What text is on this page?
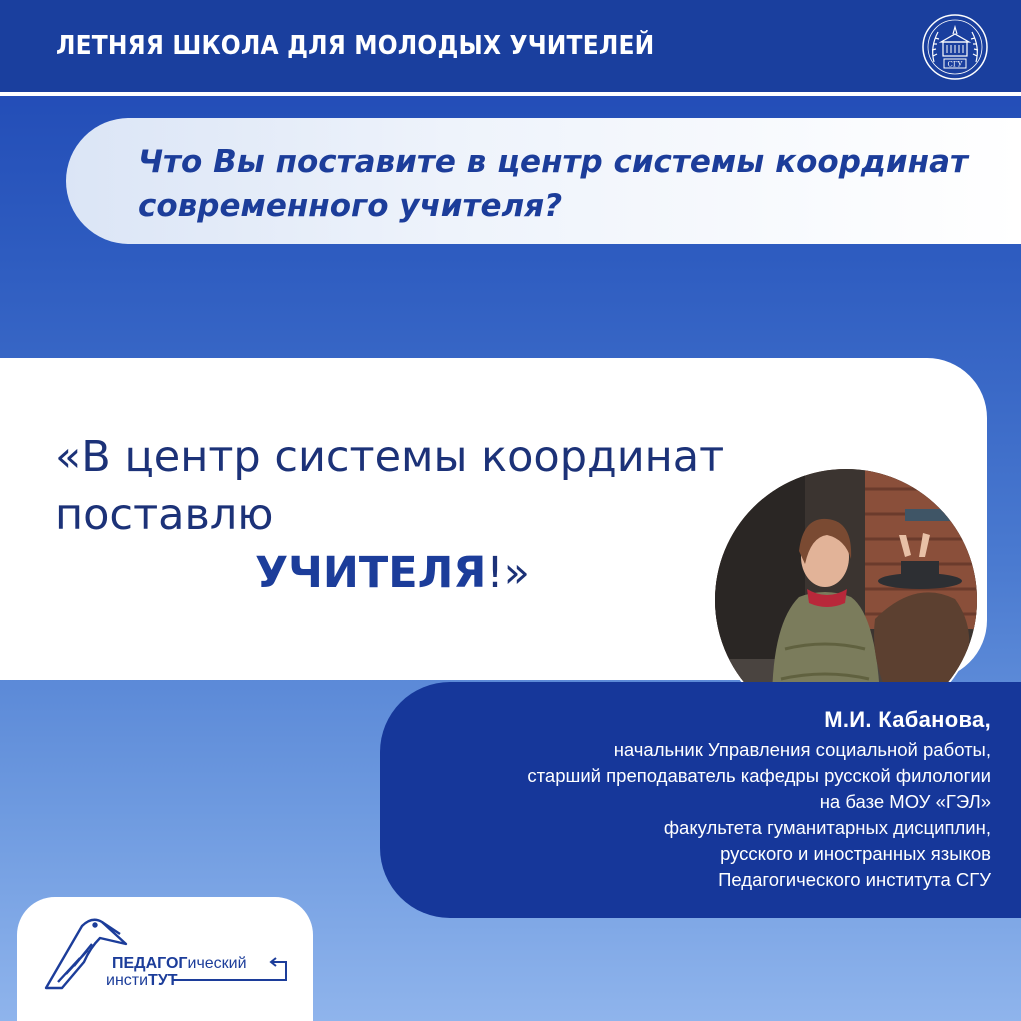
ЛЕТНЯЯ ШКОЛА ДЛЯ МОЛОДЫХ УЧИТЕЛЕЙ
СГУ
Что Вы поставите в центр системы координат
современного учителя?
«В центр системы координат
поставлю
УЧИТЕЛЯ!»
М.И. Кабанова,
начальник Управления социальной работы,
старший преподаватель кафедры русской филологии
на базе МОУ «ГЭЛ»
факультета гуманитарных дисциплин,
русского и иностранных языков
Педагогического института СГУ
ПЕДАГОГический
инстиТУТ
